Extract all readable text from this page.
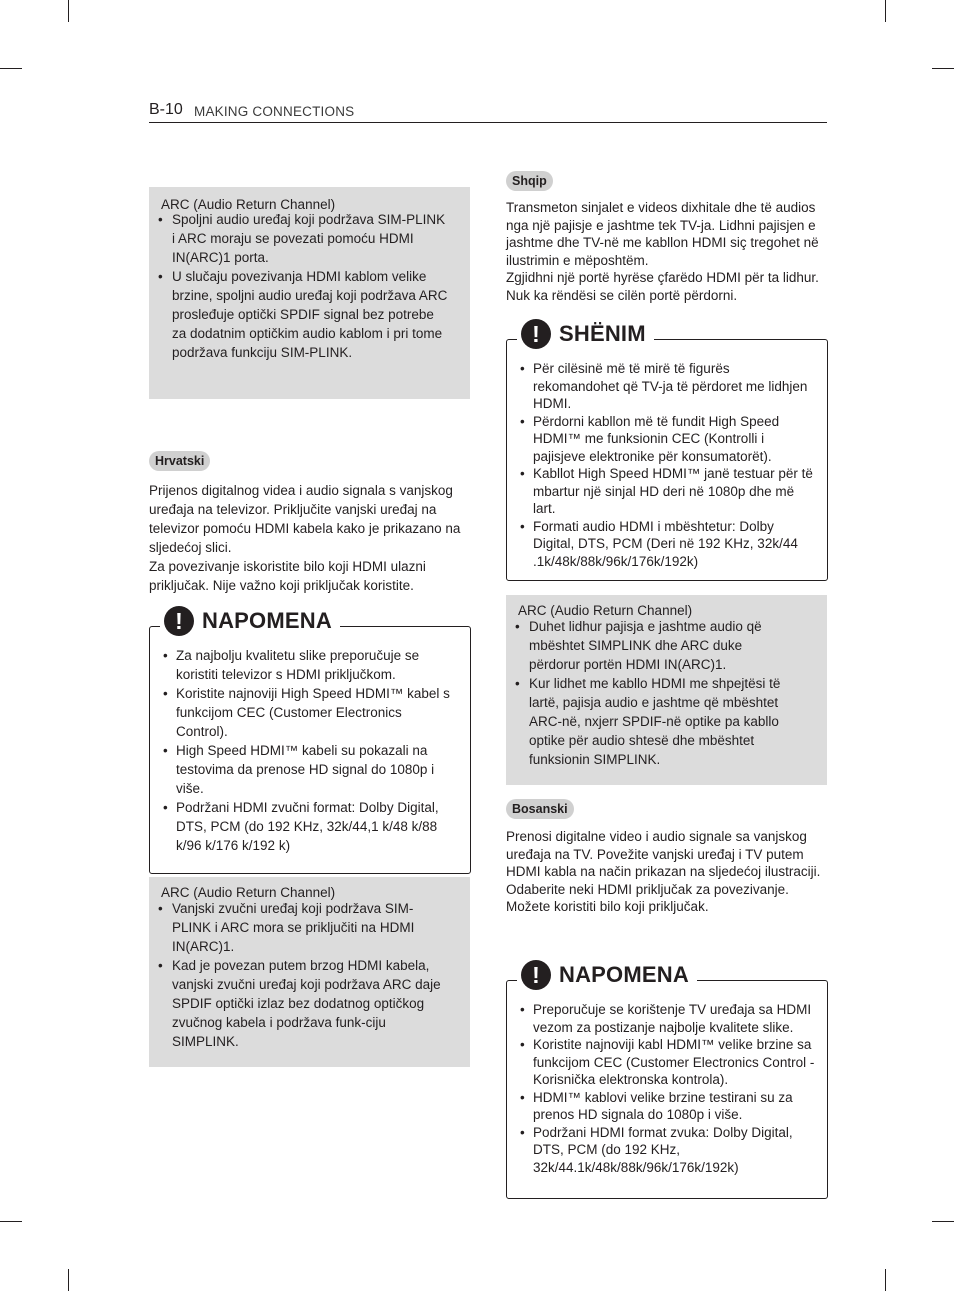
B-10 MAKING CONNECTIONS
ARC (Audio Return Channel)
• Spoljni audio uređaj koji podržava SIM-PLINK i ARC moraju se povezati pomoću HDMI IN(ARC)1 porta.
• U slučaju povezivanja HDMI kablom velike brzine, spoljni audio uređaj koji podržava ARC prosleđuje optički SPDIF signal bez potrebe za dodatnim optičkim audio kablom i pri tome podržava funkciju SIM-PLINK.
Hrvatski

Prijenos digitalnog videa i audio signala s vanjskog uređaja na televizor. Priključite vanjski uređaj na televizor pomoću HDMI kabela kako je prikazano na sljedećoj slici.

Za povezivanje iskoristite bilo koji HDMI ulazni priključak. Nije važno koji priključak koristite.

! NAPOMENA
• Za najbolju kvalitetu slike preporučuje se koristiti televizor s HDMI priključkom.
• Koristite najnoviji High Speed HDMI™ kabel s funkcijom CEC (Customer Electronics Control).
• High Speed HDMI™ kabeli su pokazali na testovima da prenose HD signal do 1080p i više.
• Podržani HDMI zvučni format: Dolby Digital, DTS, PCM (do 192 KHz, 32k/44,1 k/48 k/88 k/96 k/176 k/192 k)
ARC (Audio Return Channel)
• Vanjski zvučni uređaj koji podržava SIM-PLINK i ARC mora se priključiti na HDMI IN(ARC)1.
• Kad je povezan putem brzog HDMI kabela, vanjski zvučni uređaj koji podržava ARC daje SPDIF optički izlaz bez dodatnog optičkog zvučnog kabela i podržava funk-ciju SIMPLINK.
Shqip

Transmeton sinjalet e videos dixhitale dhe të audios nga një pajisje e jashtme tek TV-ja. Lidhni pajisjen e jashtme dhe TV-në me kabllon HDMI siç tregohet në ilustrimin e mëposhtëm.

Zgjidhni një portë hyrëse çfarëdo HDMI për ta lidhur. Nuk ka rëndësi se cilën portë përdorni.

! SHËNIM
• Për cilësinë më të mirë të figurës rekomandohet që TV-ja të përdoret me lidhjen HDMI.
• Përdorni kabllon më të fundit High Speed HDMI™ me funksionin CEC (Kontrolli i pajisjeve elektronike për konsumatorët).
• Kabllot High Speed HDMI™ janë testuar për të mbartur një sinjal HD deri në 1080p dhe më lart.
• Formati audio HDMI i mbështetur: Dolby Digital, DTS, PCM (Deri në 192 KHz, 32k/44 .1k/48k/88k/96k/176k/192k)
ARC (Audio Return Channel)
• Duhet lidhur pajisja e jashtme audio që mbështet SIMPLINK dhe ARC duke përdorur portën HDMI IN(ARC)1.
• Kur lidhet me kabllo HDMI me shpejtësi të lartë, pajisja audio e jashtme që mbështet ARC-në, nxjerr SPDIF-në optike pa kabllo optike për audio shtesë dhe mbështet funksionin SIMPLINK.
Bosanski

Prenosi digitalne video i audio signale sa vanjskog uređaja na TV. Povežite vanjski uređaj i TV putem HDMI kabla na način prikazan na sljedećoj ilustraciji.

Odaberite neki HDMI priključak za povezivanje. Možete koristiti bilo koji priključak.

! NAPOMENA
• Preporučuje se korištenje TV uređaja sa HDMI vezom za postizanje najbolje kvalitete slike.
• Koristite najnoviji kabl HDMI™ velike brzine sa funkcijom CEC (Customer Electronics Control - Korisnička elektronska kontrola).
• HDMI™ kablovi velike brzine testirani su za prenos HD signala do 1080p i više.
• Podržani HDMI format zvuka: Dolby Digital, DTS, PCM (do 192 KHz, 32k/44.1k/48k/88k/96k/176k/192k)
